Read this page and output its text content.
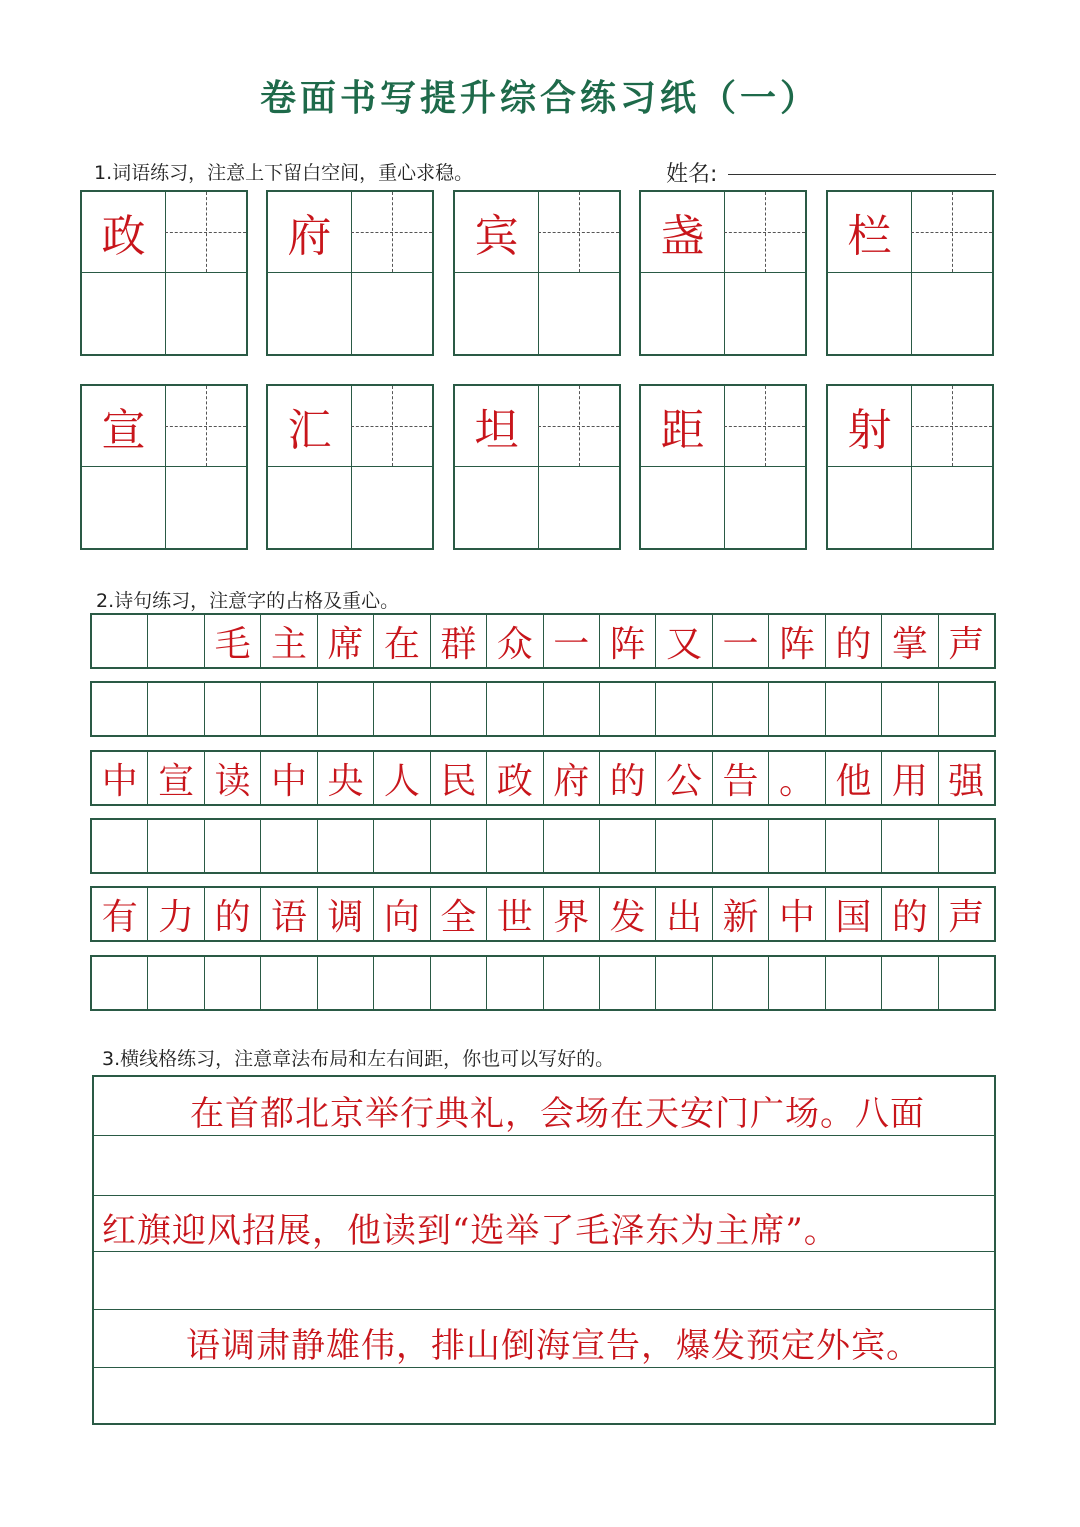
卷面书写提升综合练习纸（一）
1.词语练习，注意上下留白空间，重心求稳。	姓名:
政	府	宾	盏	栏
宣	汇	坦	距	射
2.诗句练习，注意字的占格及重心。
毛 主 席 在 群 众 一 阵 又 一 阵 的 掌 声
中 宣 读 中 央 人 民 政 府 的 公 告 。 他 用 强
有 力 的 语 调 向 全 世 界 发 出 新 中 国 的 声
3.横线格练习，注意章法布局和左右间距，你也可以写好的。
在首都北京举行典礼，会场在天安门广场。八面
红旗迎风招展，他读到“选举了毛泽东为主席”。
语调肃静雄伟，排山倒海宣告，爆发预定外宾。
